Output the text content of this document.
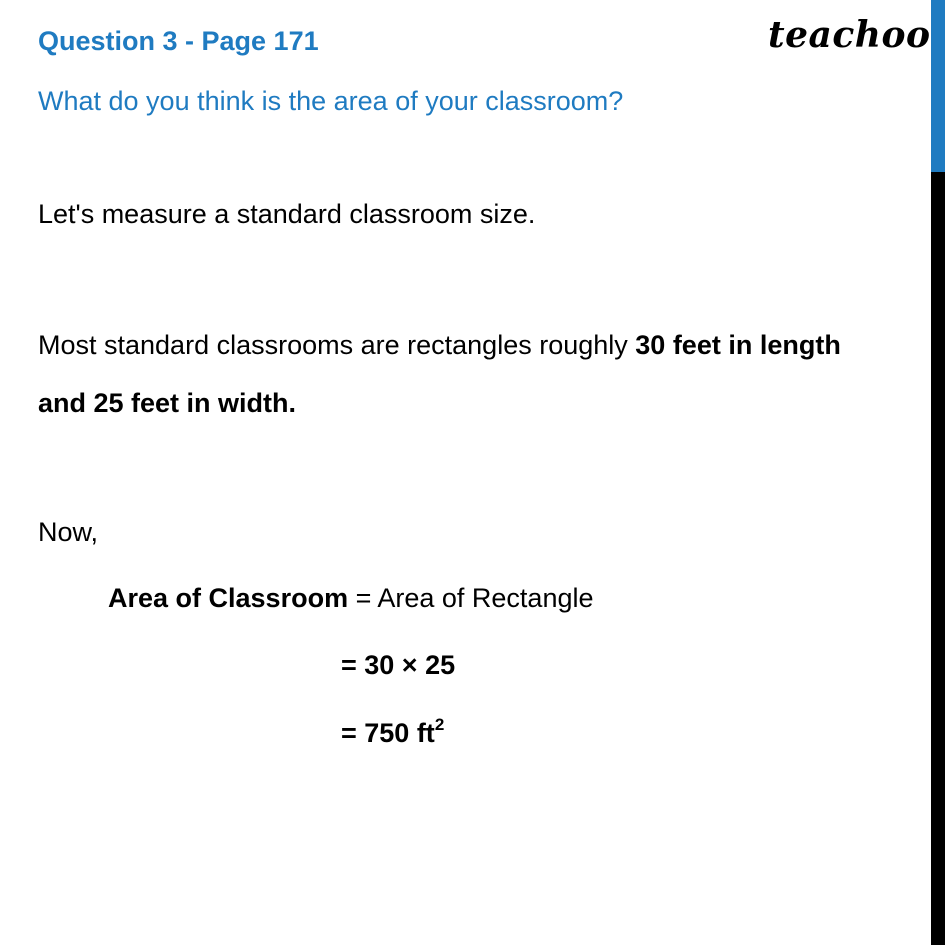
Question 3 - Page 171	teachoo

What do you think is the area of your classroom?

Let's measure a standard classroom size.

Most standard classrooms are rectangles roughly 30 feet in length

and 25 feet in width.

Now,

Area of Classroom = Area of Rectangle

= 30 × 25

= 750 $ft^2$
